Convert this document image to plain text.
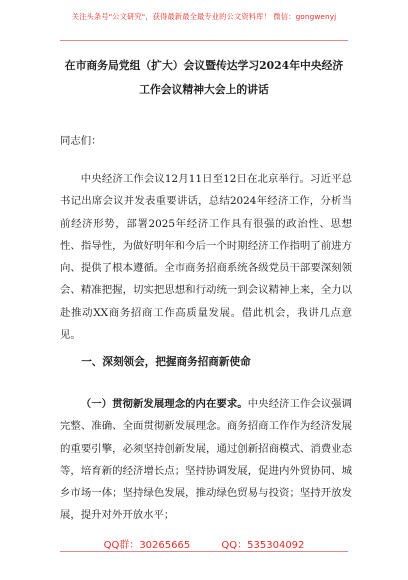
关注头条号"公文研究"，获得最新最全最专业的公文资料库！ 微信：gongwenyj
在市商务局党组（扩大）会议暨传达学习2024年中央经济
工作会议精神大会上的讲话
同志们：
中央经济工作会议12月11日至12日在北京举行。习近平总书记出席会议并发表重要讲话，总结2024年经济工作，分析当前经济形势，部署2025年经济工作具有很强的政治性、思想性、指导性，为做好明年和今后一个时期经济工作指明了前进方向、提供了根本遵循。全市商务招商系统各级党员干部要深刻领会、精准把握，切实把思想和行动统一到会议精神上来，全力以赴推动XX商务招商工作高质量发展。借此机会，我讲几点意见。
一、深刻领会，把握商务招商新使命
（一）贯彻新发展理念的内在要求。中央经济工作会议强调完整、准确、全面贯彻新发展理念。商务招商工作作为经济发展的重要引擎，必须坚持创新发展，通过创新招商模式、消费业态等，培育新的经济增长点；坚持协调发展，促进内外贸协同、城乡市场一体；坚持绿色发展，推动绿色贸易与投资；坚持开放发展，提升对外开放水平；
QQ群：30265665	QQ：535304092
